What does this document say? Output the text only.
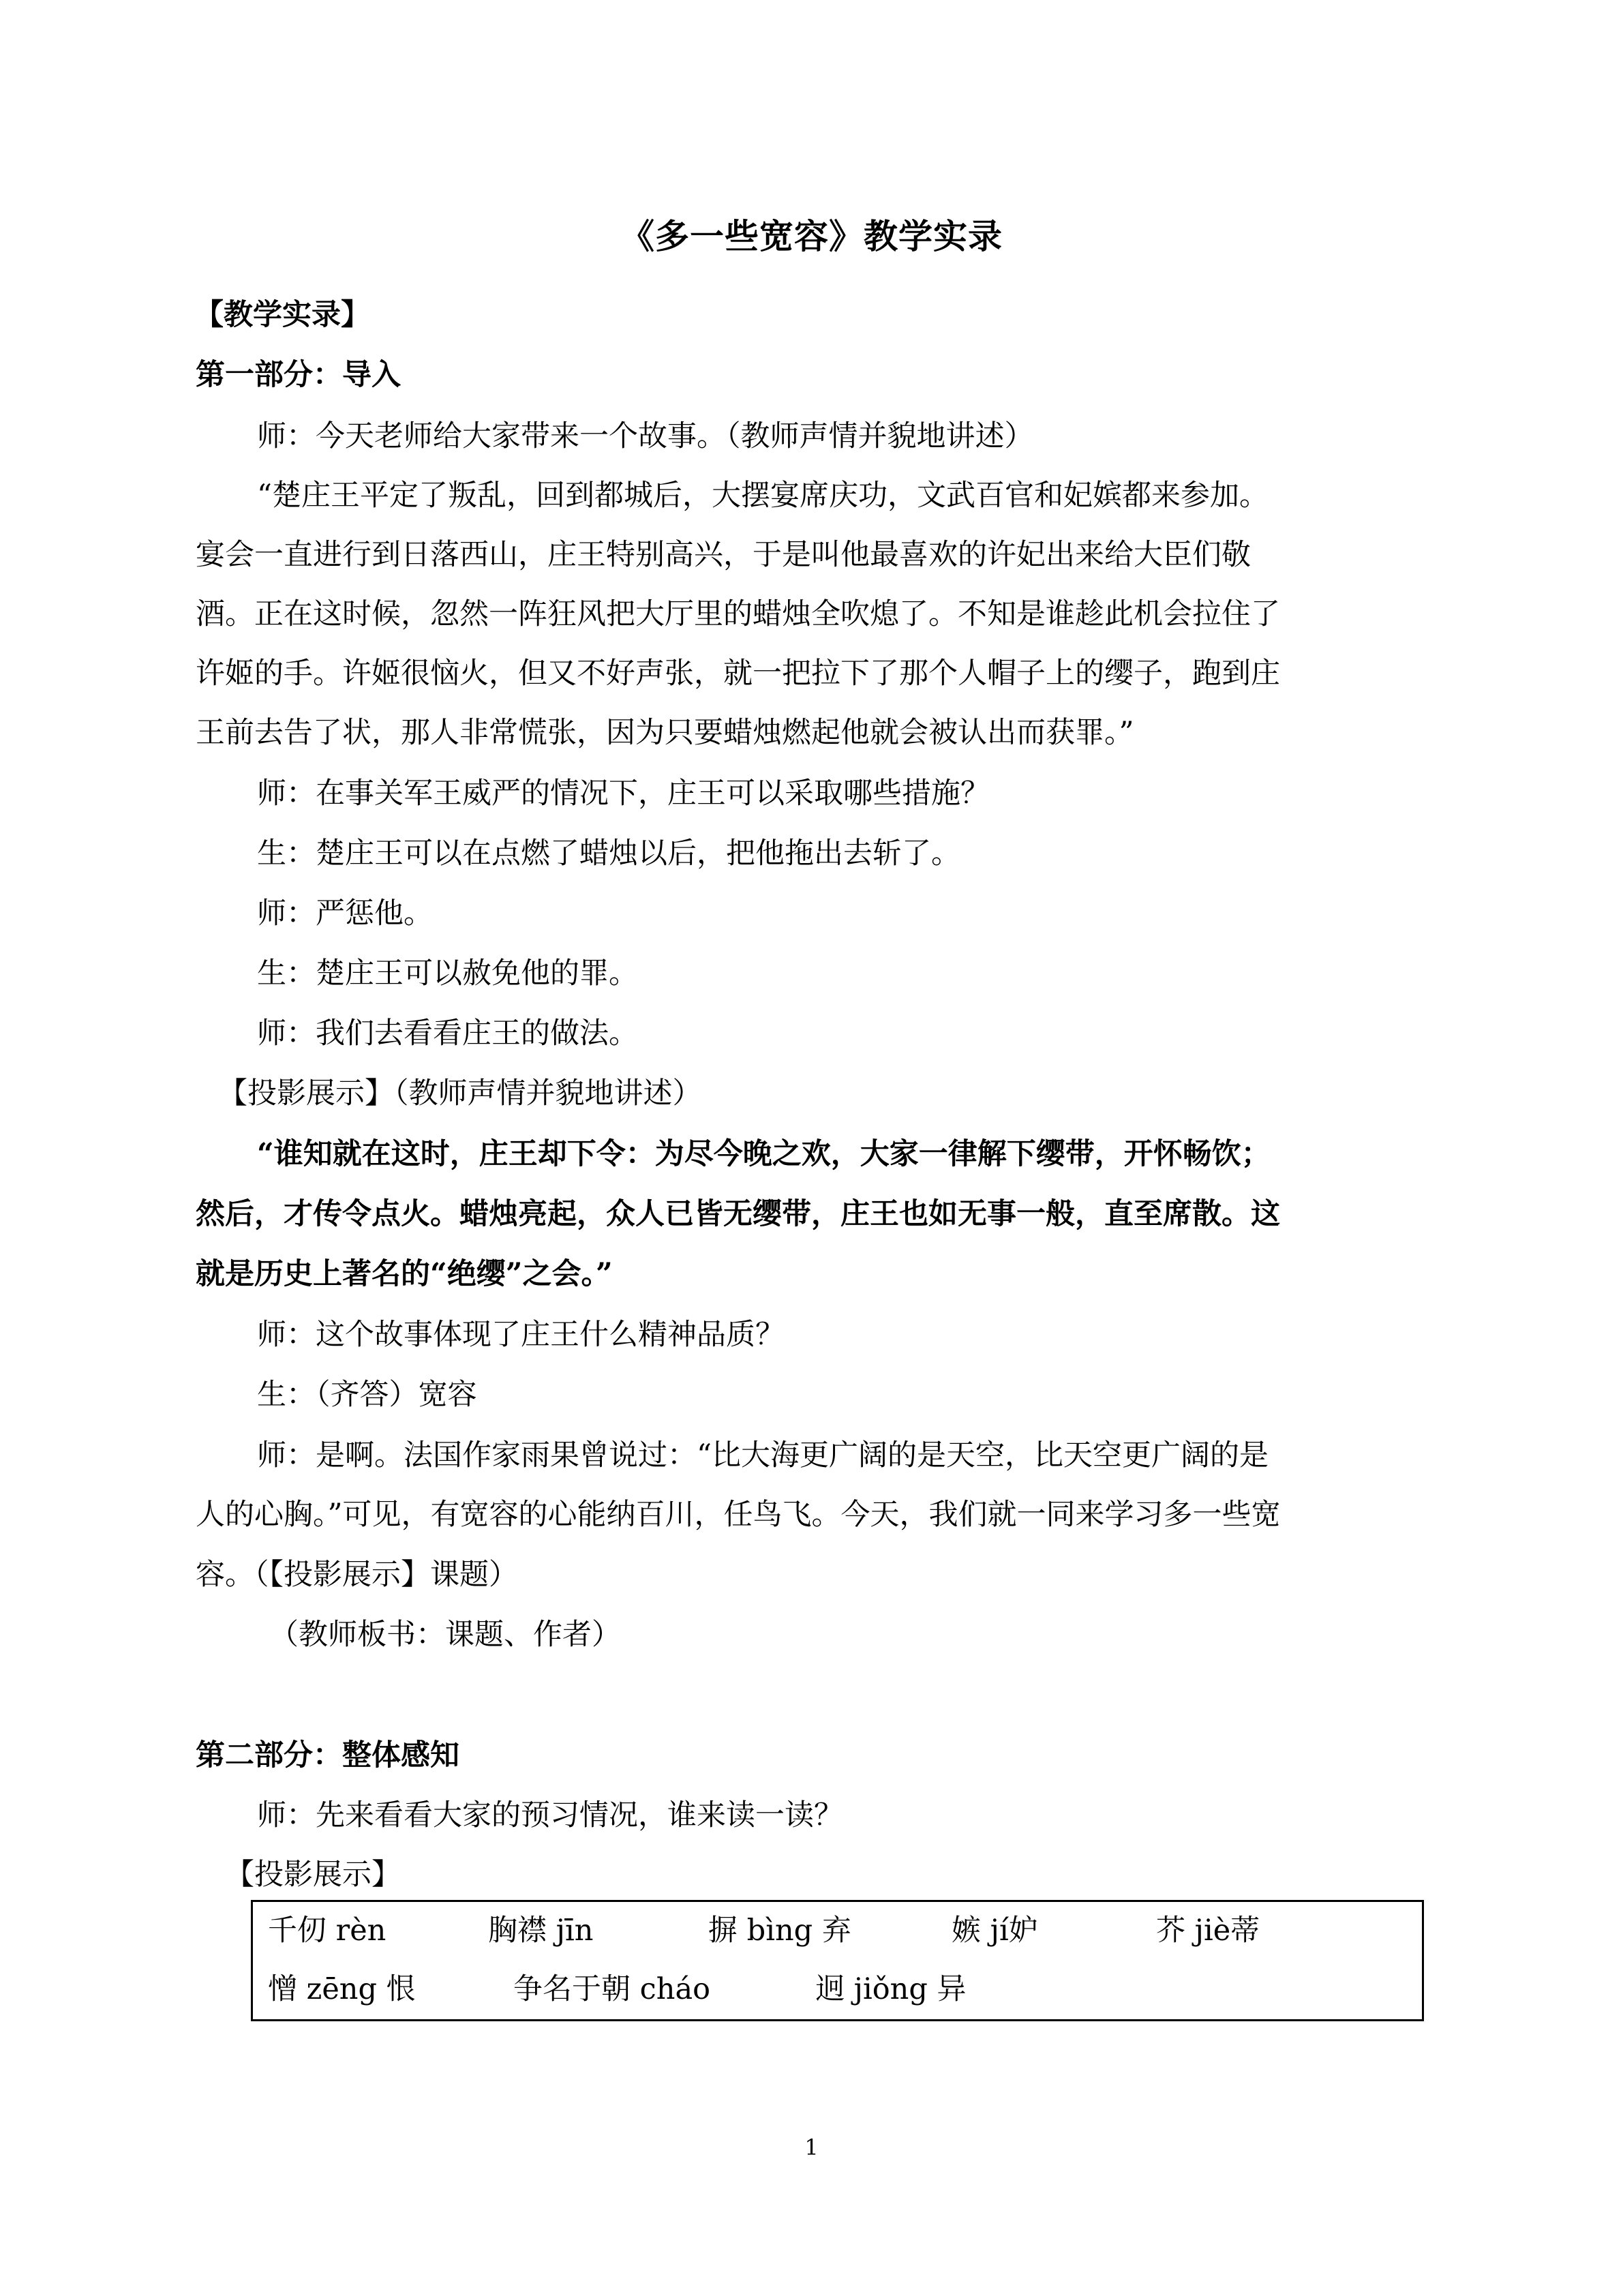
《多一些宽容》教学实录
【教学实录】
第一部分：导入
师：今天老师给大家带来一个故事。（教师声情并貌地讲述）
“楚庄王平定了叛乱，回到都城后，大摆宴席庆功，文武百官和妃嫔都来参加。
宴会一直进行到日落西山，庄王特别高兴，于是叫他最喜欢的许妃出来给大臣们敬
酒。正在这时候，忽然一阵狂风把大厅里的蜡烛全吹熄了。不知是谁趁此机会拉住了
许姬的手。许姬很恼火，但又不好声张，就一把拉下了那个人帽子上的缨子，跑到庄
王前去告了状，那人非常慌张，因为只要蜡烛燃起他就会被认出而获罪。”
师：在事关军王威严的情况下，庄王可以采取哪些措施？
生：楚庄王可以在点燃了蜡烛以后，把他拖出去斩了。
师：严惩他。
生：楚庄王可以赦免他的罪。
师：我们去看看庄王的做法。
【投影展示】（教师声情并貌地讲述）
“谁知就在这时，庄王却下令：为尽今晚之欢，大家一律解下缨带，开怀畅饮；
然后，才传令点火。蜡烛亮起，众人已皆无缨带，庄王也如无事一般，直至席散。这
就是历史上著名的“绝缨”之会。”
师：这个故事体现了庄王什么精神品质？
生：（齐答）宽容
师：是啊。法国作家雨果曾说过：“比大海更广阔的是天空，比天空更广阔的是
人的心胸。”可见，有宽容的心能纳百川，任鸟飞。今天，我们就一同来学习多一些宽
容。（【投影展示】课题）
（教师板书：课题、作者）
第二部分：整体感知
师：先来看看大家的预习情况，谁来读一读？
【投影展示】
千仞 rèn	胸襟 jīn	摒 bìng 弃	嫉 jí妒	芥 jiè蒂
憎 zēng 恨	争名于朝 cháo	迥 jiǒng 异
1
